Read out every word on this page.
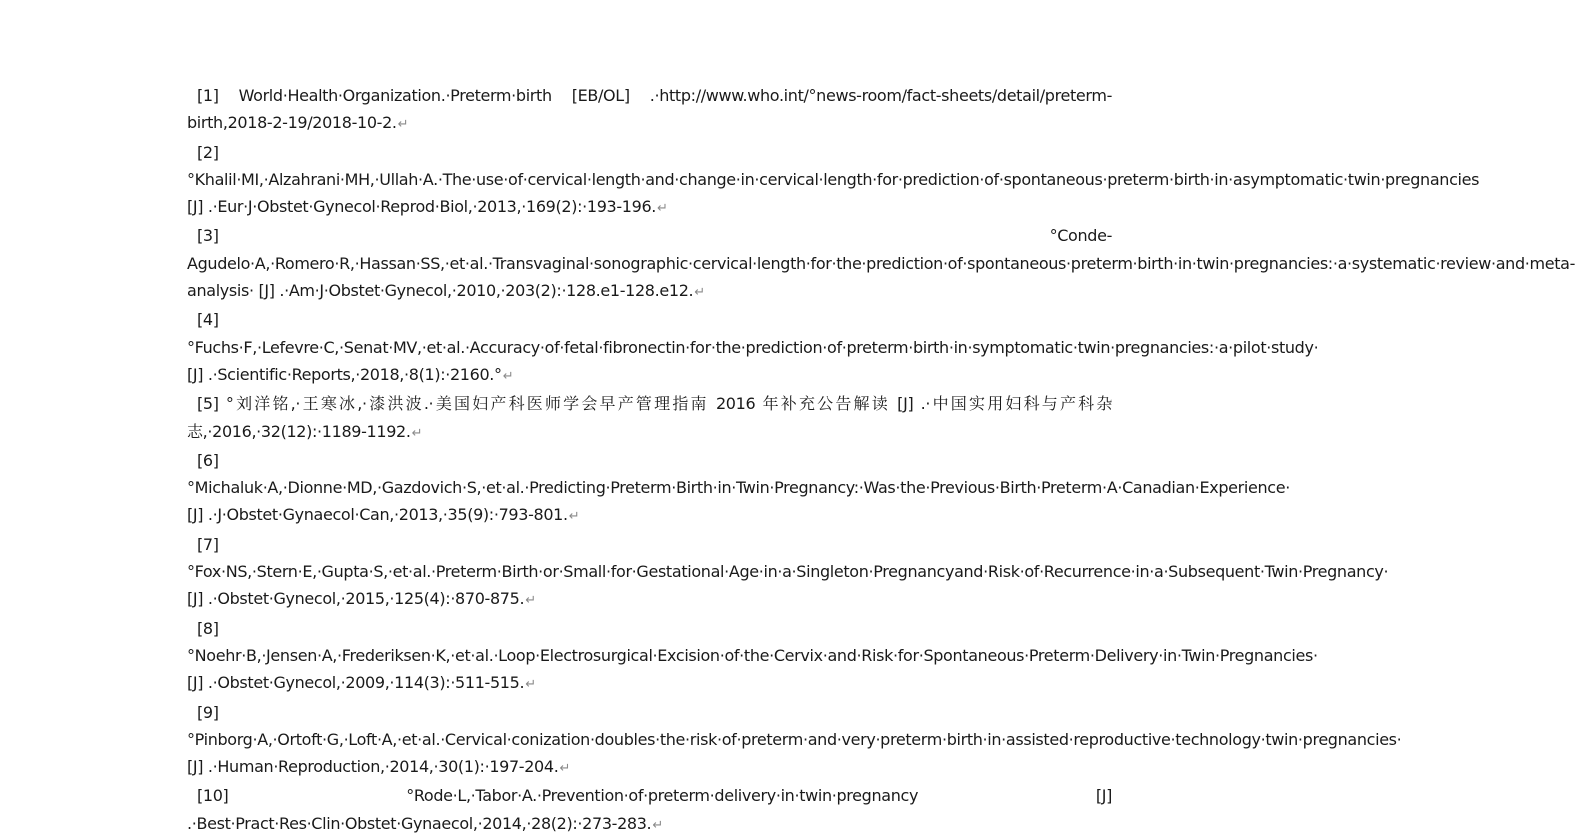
[1] World·Health·Organization.·Preterm·birth [EB/OL] .·http://www.who.int/°news-room/fact-sheets/detail/preterm-birth,2018-2-19/2018-10-2.↵

[2] °Khalil·MI,·Alzahrani·MH,·Ullah·A.·The·use·of·cervical·length·and·change·in·cervical·length·for·prediction·of·spontaneous·preterm·birth·in·asymptomatic·twin·pregnancies [J] .·Eur·J·Obstet·Gynecol·Reprod·Biol,·2013,·169(2):·193-196.↵

[3] °Conde-Agudelo·A,·Romero·R,·Hassan·SS,·et·al.·Transvaginal·sonographic·cervical·length·for·the·prediction·of·spontaneous·preterm·birth·in·twin·pregnancies:·a·systematic·review·and·meta-analysis· [J] .·Am·J·Obstet·Gynecol,·2010,·203(2):·128.e1-128.e12.↵

[4] °Fuchs·F,·Lefevre·C,·Senat·MV,·et·al.·Accuracy·of·fetal·fibronectin·for·the·prediction·of·preterm·birth·in·symptomatic·twin·pregnancies:·a·pilot·study· [J] .·Scientific·Reports,·2018,·8(1):·2160.°↵

[5] °刘洋铭,·王寒冰,·漆洪波.·美国妇产科医师学会早产管理指南 2016 年补充公告解读 [J] .·中国实用妇科与产科杂志,·2016,·32(12):·1189-1192.↵

[6] °Michaluk·A,·Dionne·MD,·Gazdovich·S,·et·al.·Predicting·Preterm·Birth·in·Twin·Pregnancy:·Was·the·Previous·Birth·Preterm·A·Canadian·Experience· [J] .·J·Obstet·Gynaecol·Can,·2013,·35(9):·793-801.↵

[7] °Fox·NS,·Stern·E,·Gupta·S,·et·al.·Preterm·Birth·or·Small·for·Gestational·Age·in·a·Singleton·Pregnancyand·Risk·of·Recurrence·in·a·Subsequent·Twin·Pregnancy· [J] .·Obstet·Gynecol,·2015,·125(4):·870-875.↵

[8] °Noehr·B,·Jensen·A,·Frederiksen·K,·et·al.·Loop·Electrosurgical·Excision·of·the·Cervix·and·Risk·for·Spontaneous·Preterm·Delivery·in·Twin·Pregnancies· [J] .·Obstet·Gynecol,·2009,·114(3):·511-515.↵

[9] °Pinborg·A,·Ortoft·G,·Loft·A,·et·al.·Cervical·conization·doubles·the·risk·of·preterm·and·very·preterm·birth·in·assisted·reproductive·technology·twin·pregnancies· [J] .·Human·Reproduction,·2014,·30(1):·197-204.↵

[10] °Rode·L,·Tabor·A.·Prevention·of·preterm·delivery·in·twin·pregnancy [J] .·Best·Pract·Res·Clin·Obstet·Gynaecol,·2014,·28(2):·273-283.↵
